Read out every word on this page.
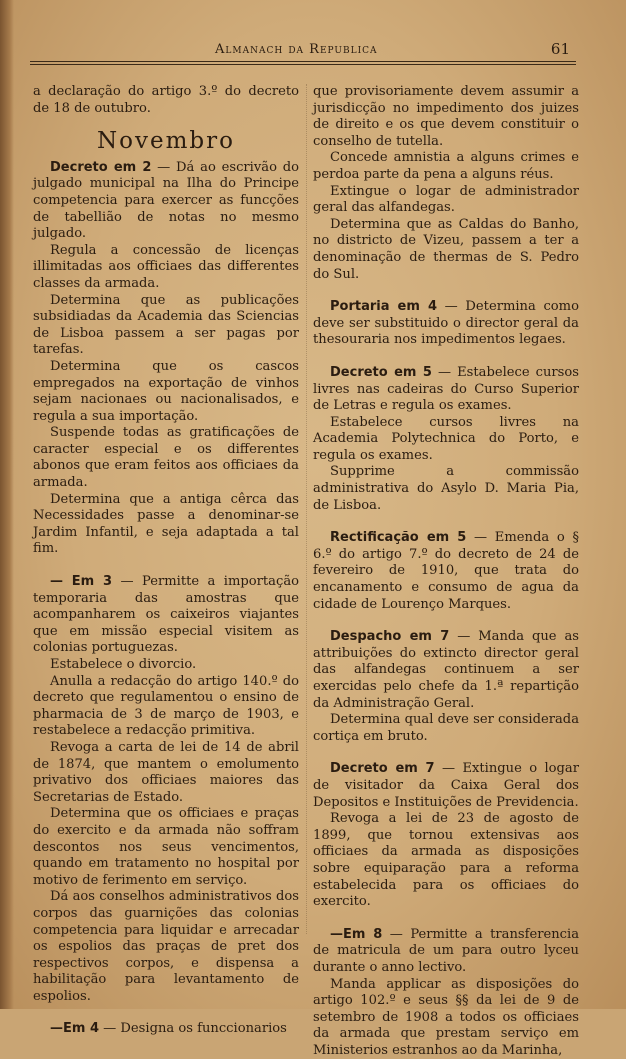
Almanach da Republica	61

a declaração do artigo 3.º do decreto de 18 de outubro.

Novembro

Decreto em 2 — Dá ao escrivão do julgado municipal na Ilha do Principe competencia para exercer as funcções de tabellião de notas no mesmo julgado.

Regula a concessão de licenças illimitadas aos officiaes das differentes classes da armada.

Determina que as publicações subsidiadas da Academia das Sciencias de Lisboa passem a ser pagas por tarefas.

Determina que os cascos empregados na exportação de vinhos sejam nacionaes ou nacionalisados, e regula a sua importação.

Suspende todas as gratificações de caracter especial e os differentes abonos que eram feitos aos officiaes da armada.

Determina que a antiga cêrca das Necessidades passe a denominar-se Jardim Infantil, e seja adaptada a tal fim.

— Em 3 — Permitte a importação temporaria das amostras que acompanharem os caixeiros viajantes que em missão especial visitem as colonias portuguezas.

Estabelece o divorcio.

Anulla a redacção do artigo 140.º do decreto que regulamentou o ensino de pharmacia de 3 de março de 1903, e restabelece a redacção primitiva.

Revoga a carta de lei de 14 de abril de 1874, que mantem o emolumento privativo dos officiaes maiores das Secretarias de Estado.

Determina que os officiaes e praças do exercito e da armada não soffram descontos nos seus vencimentos, quando em tratamento no hospital por motivo de ferimento em serviço.

Dá aos conselhos administrativos dos corpos das guarnições das colonias competencia para liquidar e arrecadar os espolios das praças de pret dos respectivos corpos, e dispensa a habilitação para levantamento de espolios.

—Em 4 — Designa os funccionarios

que provisoriamente devem assumir a jurisdicção no impedimento dos juizes de direito e os que devem constituir o conselho de tutella.

Concede amnistia a alguns crimes e perdoa parte da pena a alguns réus.

Extingue o logar de administrador geral das alfandegas.

Determina que as Caldas do Banho, no districto de Vizeu, passem a ter a denominação de thermas de S. Pedro do Sul.

Portaria em 4 — Determina como deve ser substituido o director geral da thesouraria nos impedimentos legaes.

Decreto em 5 — Estabelece cursos livres nas cadeiras do Curso Superior de Letras e regula os exames.

Estabelece cursos livres na Academia Polytechnica do Porto, e regula os exames.

Supprime a commissão administrativa do Asylo D. Maria Pia, de Lisboa.

Rectificação em 5 — Emenda o § 6.º do artigo 7.º do decreto de 24 de fevereiro de 1910, que trata do encanamento e consumo de agua da cidade de Lourenço Marques.

Despacho em 7 — Manda que as attribuições do extincto director geral das alfandegas continuem a ser exercidas pelo chefe da 1.ª repartição da Administração Geral.

Determina qual deve ser considerada cortiça em bruto.

Decreto em 7 — Extingue o logar de visitador da Caixa Geral dos Depositos e Instituições de Previdencia.

Revoga a lei de 23 de agosto de 1899, que tornou extensivas aos officiaes da armada as disposições sobre equiparação para a reforma estabelecida para os officiaes do exercito.

—Em 8 — Permitte a transferencia de matricula de um para outro lyceu durante o anno lectivo.

Manda applicar as disposições do artigo 102.º e seus §§ da lei de 9 de setembro de 1908 a todos os officiaes da armada que prestam serviço em Ministerios estranhos ao da Marinha,
